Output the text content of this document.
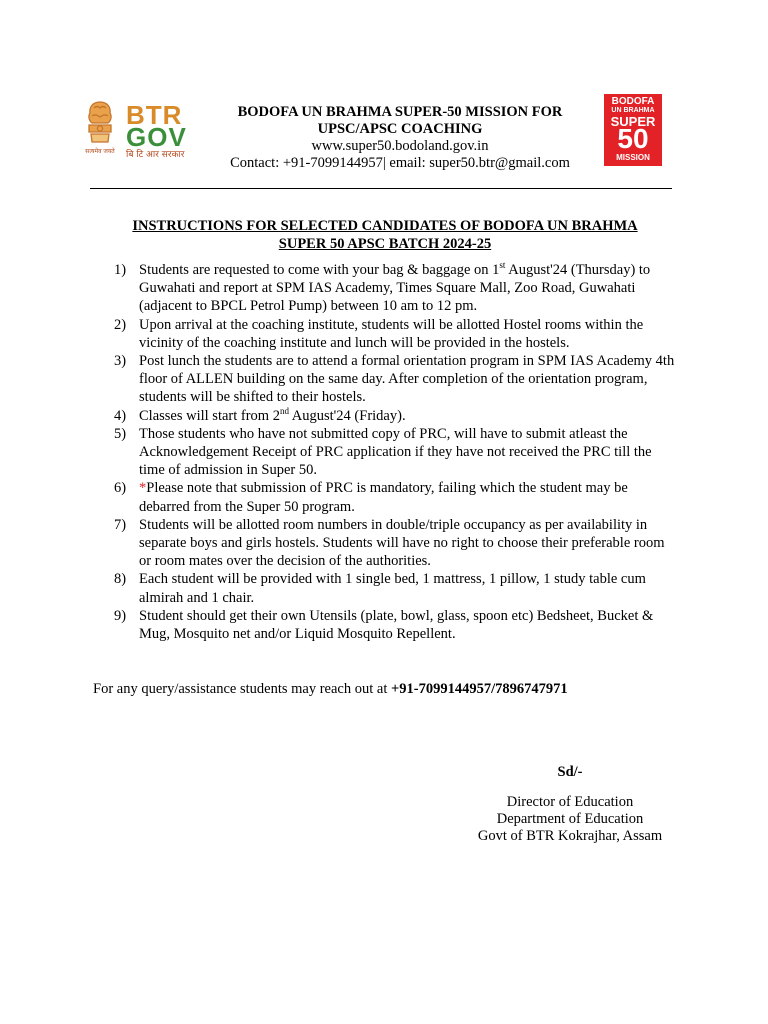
सत्यमेव जयते
BTR
GOV
बि टि आर सरकार
BODOFA UN BRAHMA SUPER-50 MISSION FOR
UPSC/APSC COACHING
www.super50.bodoland.gov.in
Contact: +91-7099144957| email: super50.btr@gmail.com
BODOFA
UN BRAHMA
SUPER
50
MISSION
INSTRUCTIONS FOR SELECTED CANDIDATES OF BODOFA UN BRAHMA
SUPER 50 APSC BATCH 2024-25
1) Students are requested to come with your bag & baggage on 1st August'24 (Thursday) to Guwahati and report at SPM IAS Academy, Times Square Mall, Zoo Road, Guwahati (adjacent to BPCL Petrol Pump) between 10 am to 12 pm.
2) Upon arrival at the coaching institute, students will be allotted Hostel rooms within the vicinity of the coaching institute and lunch will be provided in the hostels.
3) Post lunch the students are to attend a formal orientation program in SPM IAS Academy 4th floor of ALLEN building on the same day. After completion of the orientation program, students will be shifted to their hostels.
4) Classes will start from 2nd August'24 (Friday).
5) Those students who have not submitted copy of PRC, will have to submit atleast the Acknowledgement Receipt of PRC application if they have not received the PRC till the time of admission in Super 50.
6) *Please note that submission of PRC is mandatory, failing which the student may be debarred from the Super 50 program.
7) Students will be allotted room numbers in double/triple occupancy as per availability in separate boys and girls hostels. Students will have no right to choose their preferable room or room mates over the decision of the authorities.
8) Each student will be provided with 1 single bed, 1 mattress, 1 pillow, 1 study table cum almirah and 1 chair.
9) Student should get their own Utensils (plate, bowl, glass, spoon etc) Bedsheet, Bucket & Mug, Mosquito net and/or Liquid Mosquito Repellent.
For any query/assistance students may reach out at +91-7099144957/7896747971
Sd/-
Director of Education
Department of Education
Govt of BTR Kokrajhar, Assam
